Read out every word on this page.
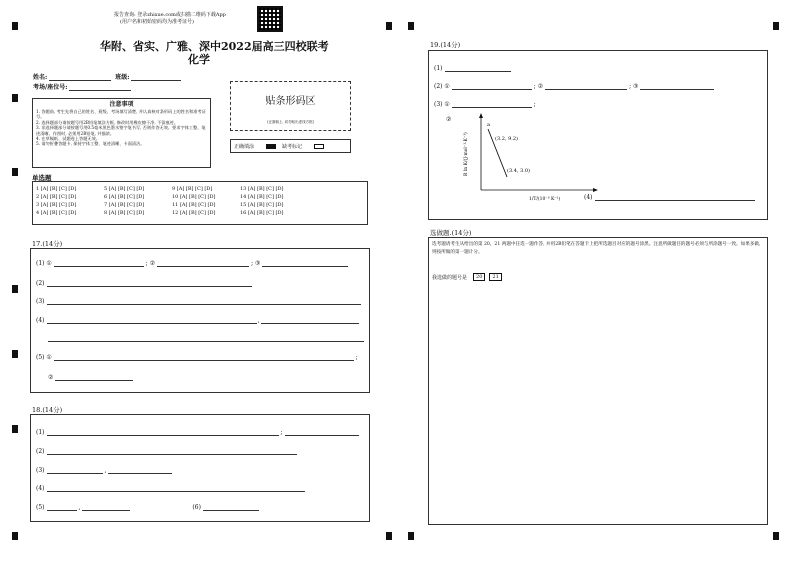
报告查询: 登录zhixue.com或扫描二维码下载App
(用户名和初始密码均为准考证号)
华附、省实、广雅、深中2022届高三四校联考
化学
姓名:	班级:
考场/座位号:
贴条形码区
(正面朝上, 切勿贴出虚线方框)
注意事项
1. 答题前, 考生先将自己的姓名、班级、考场填写清楚, 并认真核对条形码上的姓名和准考证号。
2. 选择题部分请按题号用2B铅笔填涂方框, 修改时用橡皮擦干净, 不留痕迹。
3. 非选择题部分请按题号用0.5毫米黑色墨水签字笔书写, 否则作答无效。要求字体工整、笔迹清晰。作图时, 必须用2B铅笔, 并描浓。
4. 在草稿纸、试题卷上答题无效。
5. 请勿折叠答题卡, 保持字体工整、笔迹清晰、卡面清洁。	正确填涂	缺考标记
单选题
1 [A] [B] [C] [D]	5 [A] [B] [C] [D]	9 [A] [B] [C] [D]	13 [A] [B] [C] [D]
2 [A] [B] [C] [D]	6 [A] [B] [C] [D]	10 [A] [B] [C] [D]	14 [A] [B] [C] [D]
3 [A] [B] [C] [D]	7 [A] [B] [C] [D]	11 [A] [B] [C] [D]	15 [A] [B] [C] [D]
4 [A] [B] [C] [D]	8 [A] [B] [C] [D]	12 [A] [B] [C] [D]	16 [A] [B] [C] [D]
17.(14分)
(1) ①	; ②	; ③
(2)
(3)
(4)	,
(5) ①	;
②
18.(14分)
(1)	;
(2)
(3)	,
(4)
(5)	,	(6)
19.(14分)
(1)
(2) ①	; ②	; ③
(3) ①	;
②
a
(3.2, 9.2)
(3.4, 3.0)
R ln K/(J·mol⁻¹·K⁻¹)
1/T/(10⁻³ K⁻¹)	(4)
选做题.(14分)
选考题请考生从给出的第 20、21 两题中任选一题作答, 并用2B铅笔在答题卡上把所选题目对应的题号涂黑。注意所做题目的题号必须与所涂题号一致。如果多做, 则按所做的第一题计分。
我选做的题号是	20	21
